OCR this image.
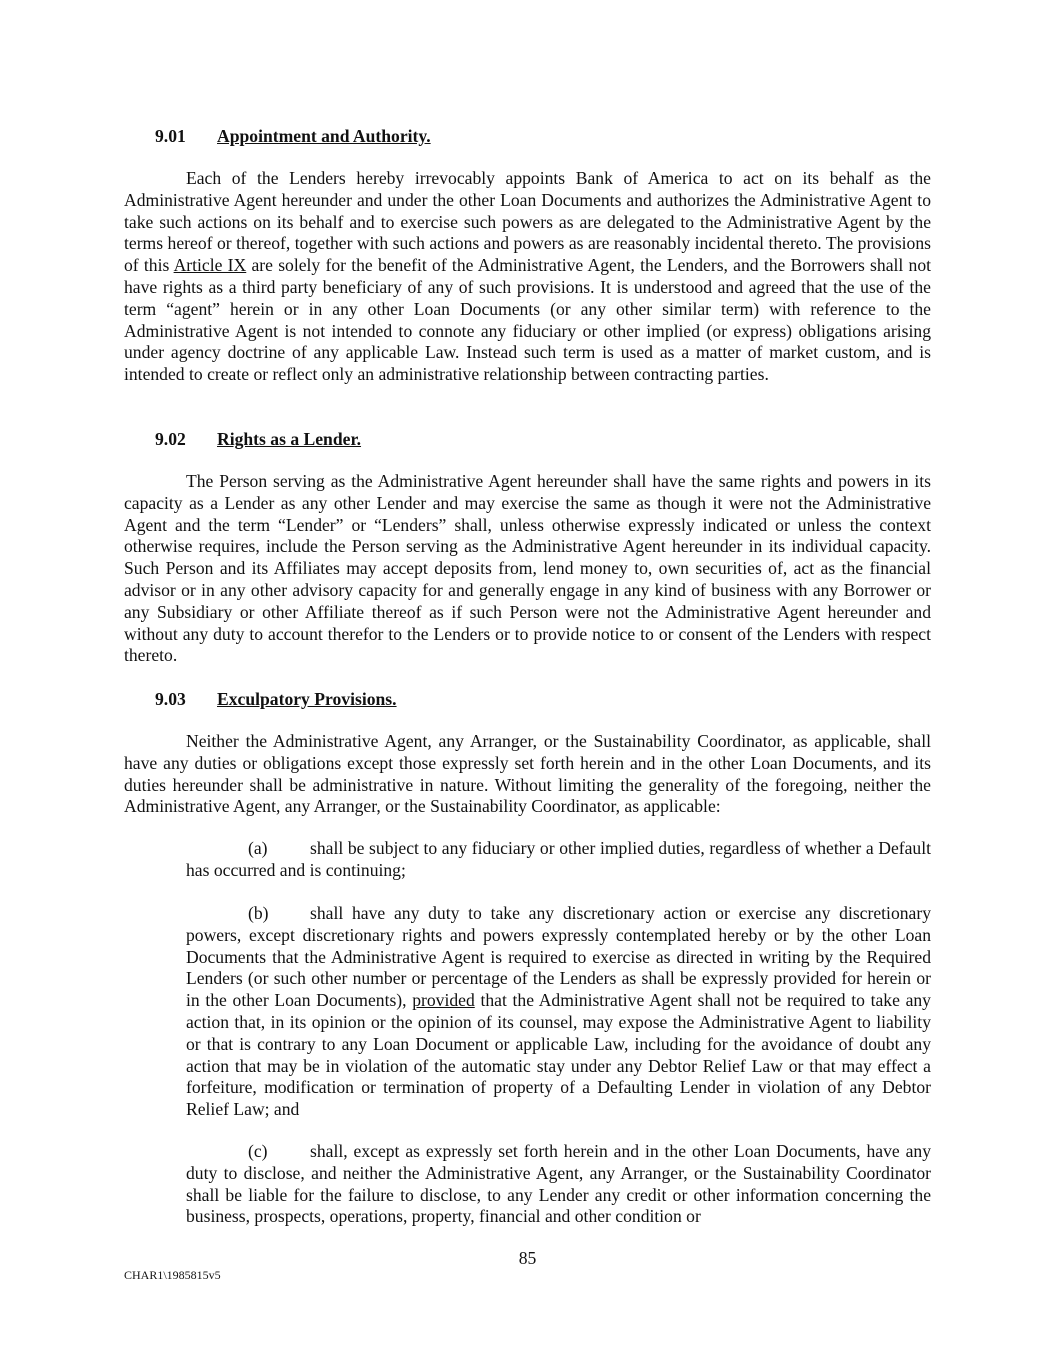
9.01 Appointment and Authority.

Each of the Lenders hereby irrevocably appoints Bank of America to act on its behalf as the Administrative Agent hereunder and under the other Loan Documents and authorizes the Administrative Agent to take such actions on its behalf and to exercise such powers as are delegated to the Administrative Agent by the terms hereof or thereof, together with such actions and powers as are reasonably incidental thereto. The provisions of this Article IX are solely for the benefit of the Administrative Agent, the Lenders, and the Borrowers shall not have rights as a third party beneficiary of any of such provisions. It is understood and agreed that the use of the term “agent” herein or in any other Loan Documents (or any other similar term) with reference to the Administrative Agent is not intended to connote any fiduciary or other implied (or express) obligations arising under agency doctrine of any applicable Law. Instead such term is used as a matter of market custom, and is intended to create or reflect only an administrative relationship between contracting parties.

9.02 Rights as a Lender.

The Person serving as the Administrative Agent hereunder shall have the same rights and powers in its capacity as a Lender as any other Lender and may exercise the same as though it were not the Administrative Agent and the term “Lender” or “Lenders” shall, unless otherwise expressly indicated or unless the context otherwise requires, include the Person serving as the Administrative Agent hereunder in its individual capacity. Such Person and its Affiliates may accept deposits from, lend money to, own securities of, act as the financial advisor or in any other advisory capacity for and generally engage in any kind of business with any Borrower or any Subsidiary or other Affiliate thereof as if such Person were not the Administrative Agent hereunder and without any duty to account therefor to the Lenders or to provide notice to or consent of the Lenders with respect thereto.

9.03 Exculpatory Provisions.

Neither the Administrative Agent, any Arranger, or the Sustainability Coordinator, as applicable, shall have any duties or obligations except those expressly set forth herein and in the other Loan Documents, and its duties hereunder shall be administrative in nature. Without limiting the generality of the foregoing, neither the Administrative Agent, any Arranger, or the Sustainability Coordinator, as applicable:

(a) shall be subject to any fiduciary or other implied duties, regardless of whether a Default has occurred and is continuing;

(b) shall have any duty to take any discretionary action or exercise any discretionary powers, except discretionary rights and powers expressly contemplated hereby or by the other Loan Documents that the Administrative Agent is required to exercise as directed in writing by the Required Lenders (or such other number or percentage of the Lenders as shall be expressly provided for herein or in the other Loan Documents), provided that the Administrative Agent shall not be required to take any action that, in its opinion or the opinion of its counsel, may expose the Administrative Agent to liability or that is contrary to any Loan Document or applicable Law, including for the avoidance of doubt any action that may be in violation of the automatic stay under any Debtor Relief Law or that may effect a forfeiture, modification or termination of property of a Defaulting Lender in violation of any Debtor Relief Law; and

(c) shall, except as expressly set forth herein and in the other Loan Documents, have any duty to disclose, and neither the Administrative Agent, any Arranger, or the Sustainability Coordinator shall be liable for the failure to disclose, to any Lender any credit or other information concerning the business, prospects, operations, property, financial and other condition or

85
CHAR1\1985815v5
